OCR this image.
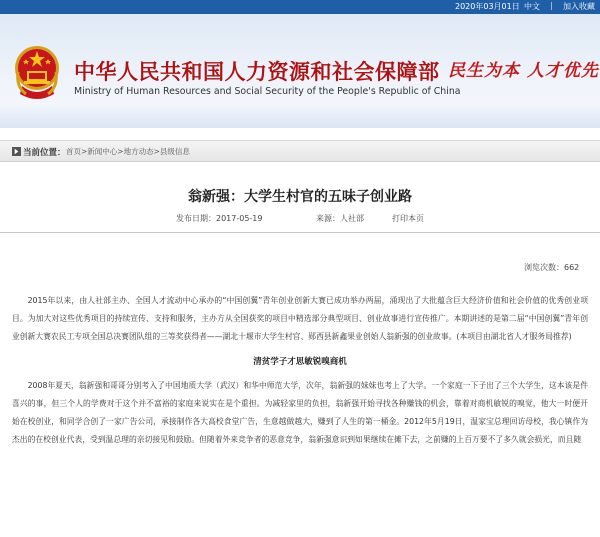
2020年03月01日 中文 | 加入收藏
中华人民共和国人力资源和社会保障部
Ministry of Human Resources and Social Security of the People's Republic of China
民生为本 人才优先
当前位置： 首页>新闻中心>地方动态>县级信息
翁新强：大学生村官的五味子创业路
发布日期：2017-05-19	来源：人社部	打印本页
浏览次数：662

2015年以来，由人社部主办、全国人才流动中心承办的“中国创翼”青年创业创新大赛已成功举办两届，涌现出了大批蕴含巨大经济价值和社会价值的优秀创业项目。为加大对这些优秀项目的持续宣传、支持和服务，主办方从全国获奖的项目中精选部分典型项目、创业故事进行宣传推广。本期讲述的是第二届“中国创翼”青年创业创新大赛农民工专项全国总决赛团队组的三等奖获得者——湖北十堰市大学生村官、郧西县新鑫果业创始人翁新强的创业故事。(本项目由湖北省人才服务局推荐)

清贫学子才思敏锐嗅商机

2008年夏天，翁新强和哥哥分别考入了中国地质大学（武汉）和华中师范大学，次年，翁新强的妹妹也考上了大学。一个家庭一下子出了三个大学生，这本该是件喜兴的事，但三个人的学费对于这个并不富裕的家庭来说实在是个重担。为减轻家里的负担，翁新强开始寻找各种赚钱的机会，靠着对商机敏锐的嗅觉，他大一时便开始在校创业，和同学合创了一家广告公司，承接制作各大高校食堂广告，生意越做越大，赚到了人生的第一桶金。2012年5月19日，温家宝总理回访母校，我心镇作为杰出的在校创业代表，受到温总理的亲切接见和鼓励。但随着外来竞争者的恶意竞争，翁新强意识到如果继续在摊下去，之前赚的上百万要不了多久就会损光，而且随
